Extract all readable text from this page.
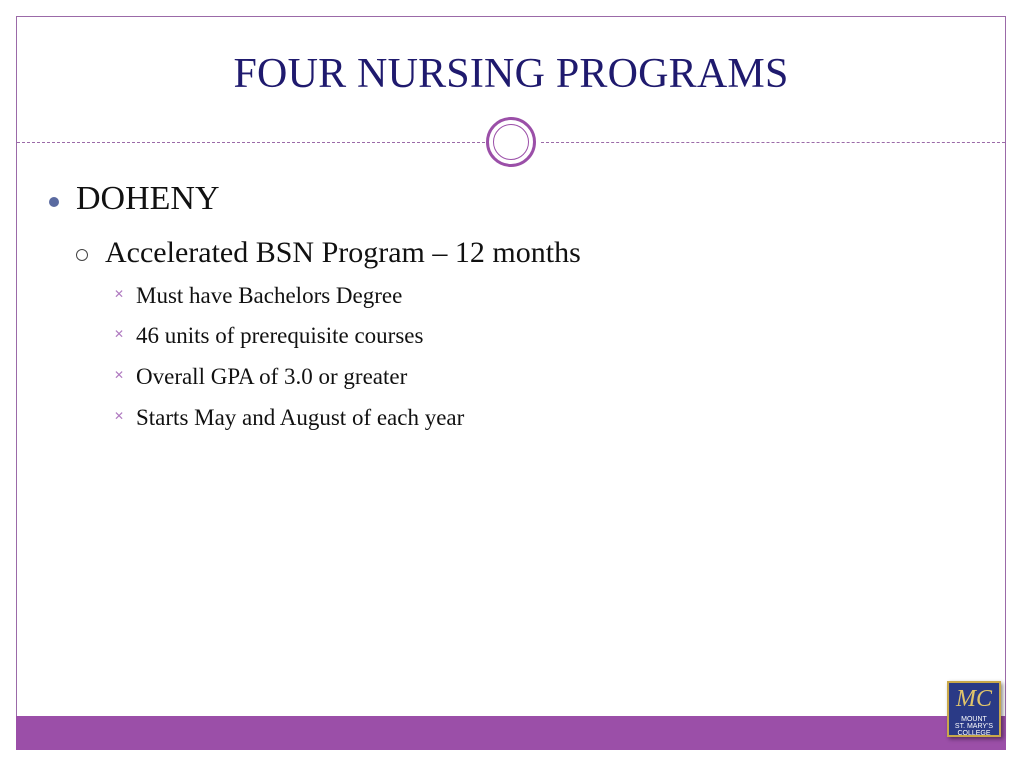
FOUR NURSING PROGRAMS
DOHENY
Accelerated BSN Program – 12 months
✕ Must have Bachelors Degree
✕ 46 units of prerequisite courses
✕ Overall GPA of 3.0 or greater
✕ Starts May and August of each year
MC
MOUNT
ST. MARY'S
COLLEGE
